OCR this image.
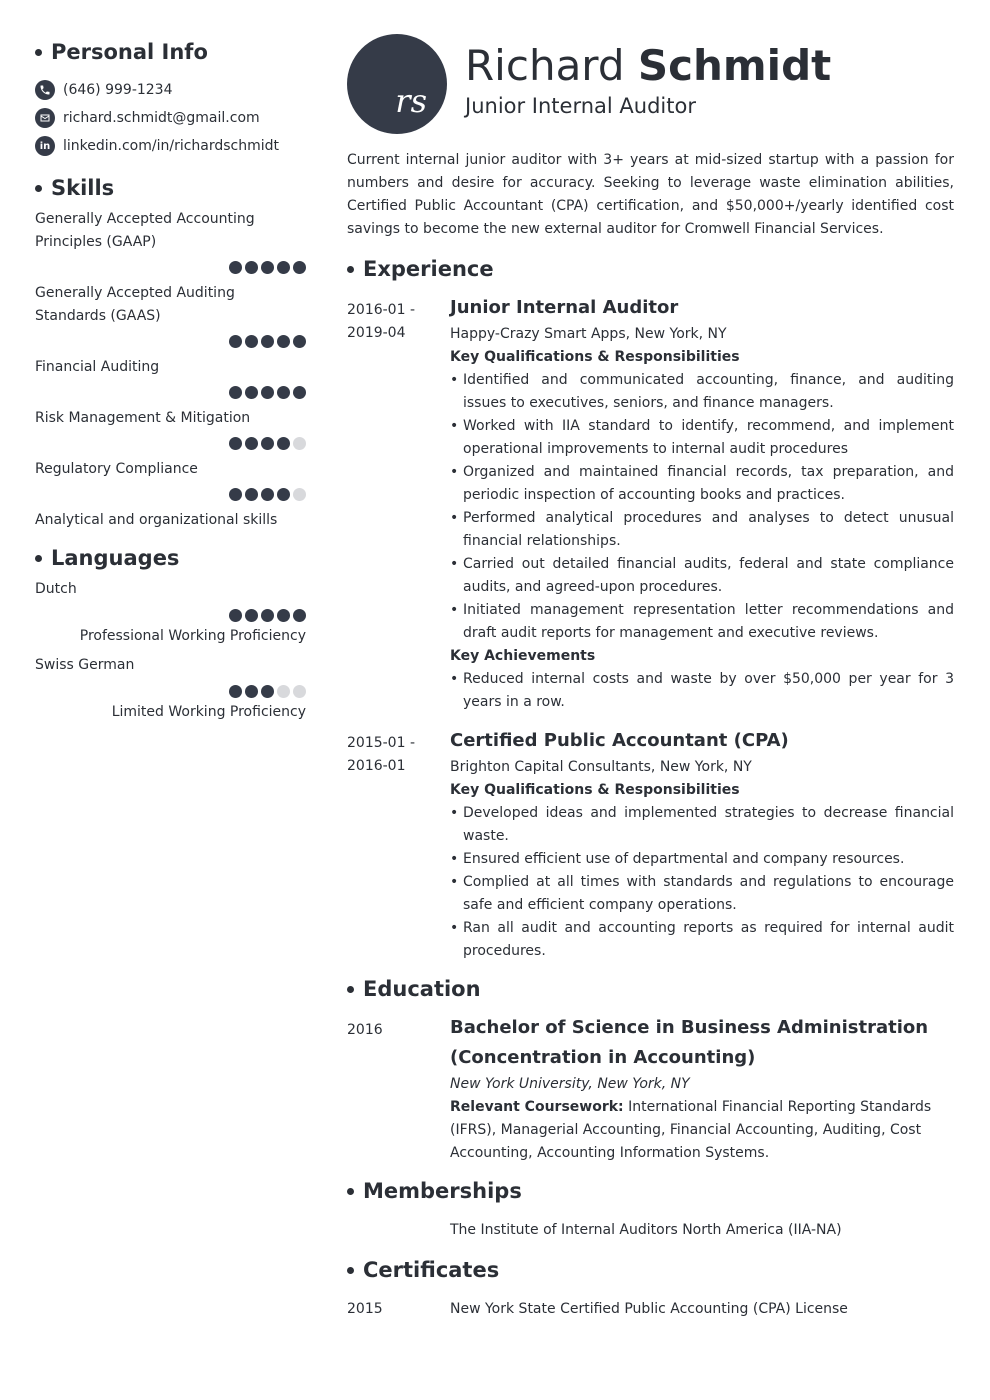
Personal Info
(646) 999-1234
richard.schmidt@gmail.com
in linkedin.com/in/richardschmidt
Skills
Generally Accepted Accounting Principles (GAAP)
Generally Accepted Auditing Standards (GAAS)
Financial Auditing
Risk Management & Mitigation
Regulatory Compliance
Analytical and organizational skills
Languages
Dutch
Professional Working Proficiency
Swiss German
Limited Working Proficiency
rs
Richard Schmidt
Junior Internal Auditor

Current internal junior auditor with 3+ years at mid-sized startup with a passion for numbers and desire for accuracy. Seeking to leverage waste elimination abilities, Certified Public Accountant (CPA) certification, and $50,000+/yearly identified cost savings to become the new external auditor for Cromwell Financial Services.

Experience
2016-01 -
2019-04
Junior Internal Auditor
Happy-Crazy Smart Apps, New York, NY
Key Qualifications & Responsibilities
• Identified and communicated accounting, finance, and auditing issues to executives, seniors, and finance managers.
• Worked with IIA standard to identify, recommend, and implement operational improvements to internal audit procedures
• Organized and maintained financial records, tax preparation, and periodic inspection of accounting books and practices.
• Performed analytical procedures and analyses to detect unusual financial relationships.
• Carried out detailed financial audits, federal and state compliance audits, and agreed-upon procedures.
• Initiated management representation letter recommendations and draft audit reports for management and executive reviews.
Key Achievements
• Reduced internal costs and waste by over $50,000 per year for 3 years in a row.
2015-01 -
2016-01
Certified Public Accountant (CPA)
Brighton Capital Consultants, New York, NY
Key Qualifications & Responsibilities
• Developed ideas and implemented strategies to decrease financial waste.
• Ensured efficient use of departmental and company resources.
• Complied at all times with standards and regulations to encourage safe and efficient company operations.
• Ran all audit and accounting reports as required for internal audit procedures.
Education
2016	Bachelor of Science in Business Administration (Concentration in Accounting)
New York University, New York, NY
Relevant Coursework: International Financial Reporting Standards (IFRS), Managerial Accounting, Financial Accounting, Auditing, Cost Accounting, Accounting Information Systems.
Memberships
The Institute of Internal Auditors North America (IIA-NA)
Certificates
2015	New York State Certified Public Accounting (CPA) License
